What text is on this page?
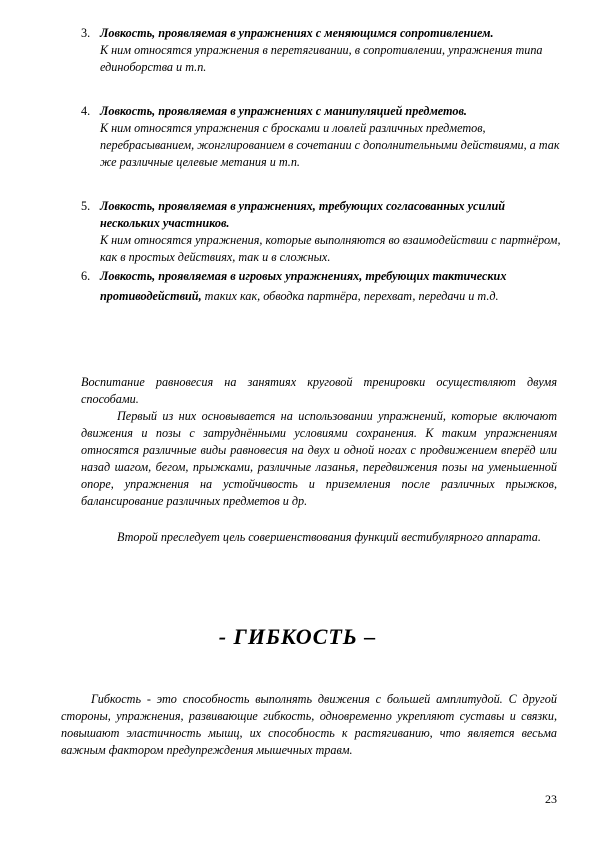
3. Ловкость, проявляемая в упражнениях с меняющимся сопротивлением.
К ним относятся упражнения в перетягивании, в сопротивлении, упражнения типа единоборства и т.п.
4. Ловкость, проявляемая в упражнениях с манипуляцией предметов.
К ним относятся упражнения с бросками и ловлей различных предметов, перебрасыванием, жонглированием в сочетании с дополнительными действиями, а так же различные целевые метания и т.п.
5. Ловкость, проявляемая в упражнениях, требующих согласованных усилий нескольких участников.
К ним относятся упражнения, которые выполняются во взаимодействии с партнёром, как в простых действиях, так и в сложных.
6. Ловкость, проявляемая в игровых упражнениях, требующих тактических противодействий, таких как, обводка партнёра, перехват, передачи и т.д.

Воспитание равновесия на занятиях круговой тренировки осуществляют двумя способами.

Первый из них основывается на использовании упражнений, которые включают движения и позы с затруднёнными условиями сохранения. К таким упражнениям относятся различные виды равновесия на двух и одной ногах с продвижением вперёд или назад шагом, бегом, прыжками, различные лазанья, передвижения позы на уменьшенной опоре, упражнения на устойчивость и приземления после различных прыжков, балансирование различных предметов и др.

Второй преследует цель совершенствования функций вестибулярного аппарата.

- ГИБКОСТЬ –

Гибкость - это способность выполнять движения с большей амплитудой. С другой стороны, упражнения, развивающие гибкость, одновременно укрепляют суставы и связки, повышают эластичность мышц, их способность к растягиванию, что является весьма важным фактором предупреждения мышечных травм.

23
